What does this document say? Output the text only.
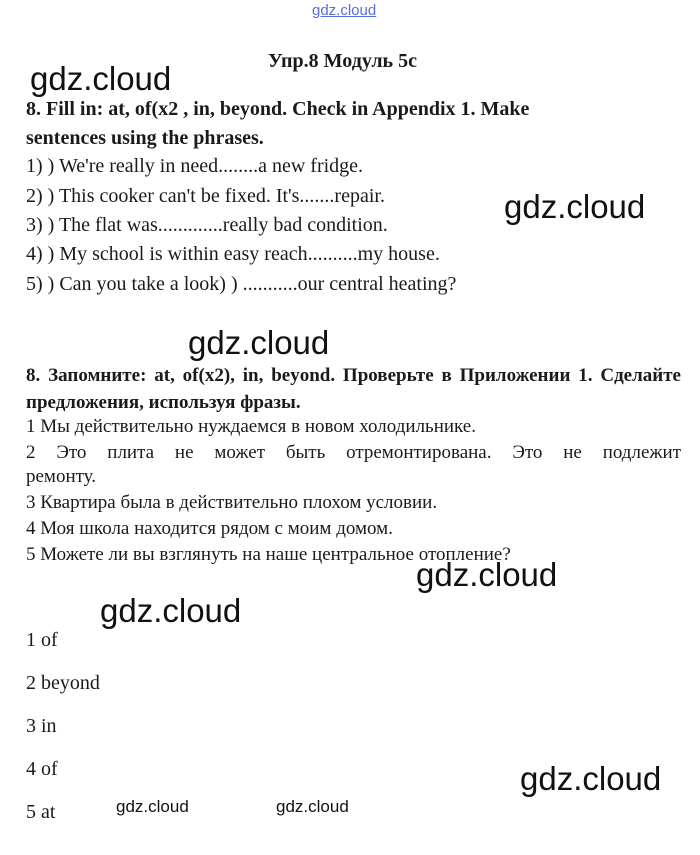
gdz.cloud
Упр.8 Модуль 5с
gdz.cloud
8. Fill in: at, of(x2 , in, beyond. Check in Appendix 1. Make
sentences using the phrases.
1) ) We're really in need........a new fridge.
2) ) This cooker can't be fixed. It's.......repair.
3) ) The flat was.............really bad condition.
4) ) My school is within easy reach..........my house.
5) ) Can you take a look) ) ...........our central heating?
gdz.cloud
gdz.cloud
8. Запомните: at, of(x2), in, beyond. Проверьте в Приложении 1. Сделайте предложения, используя фразы.
1 Мы действительно нуждаемся в новом холодильнике.
2 Это плита не может быть отремонтирована. Это не подлежит
ремонту.
3 Квартира была в действительно плохом условии.
4 Моя школа находится рядом с моим домом.
5 Можете ли вы взглянуть на наше центральное отопление?
gdz.cloud
gdz.cloud
1 of
2 beyond
3 in
4 of
5 at
gdz.cloud
gdz.cloud	gdz.cloud
